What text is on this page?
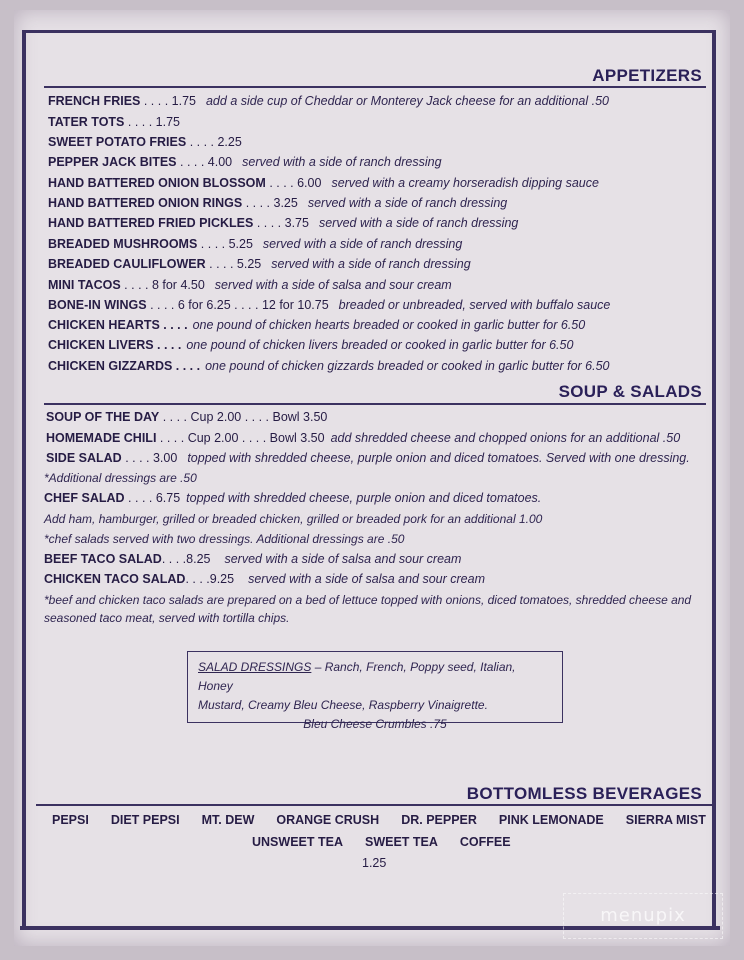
APPETIZERS
FRENCH FRIES . . . . 1.75 add a side cup of Cheddar or Monterey Jack cheese for an additional .50
TATER TOTS . . . . 1.75
SWEET POTATO FRIES . . . . 2.25
PEPPER JACK BITES . . . . 4.00 served with a side of ranch dressing
HAND BATTERED ONION BLOSSOM . . . . 6.00 served with a creamy horseradish dipping sauce
HAND BATTERED ONION RINGS . . . . 3.25 served with a side of ranch dressing
HAND BATTERED FRIED PICKLES . . . . 3.75 served with a side of ranch dressing
BREADED MUSHROOMS . . . . 5.25 served with a side of ranch dressing
BREADED CAULIFLOWER . . . . 5.25 served with a side of ranch dressing
MINI TACOS . . . . 8 for 4.50 served with a side of salsa and sour cream
BONE-IN WINGS . . . . 6 for 6.25 . . . . 12 for 10.75 breaded or unbreaded, served with buffalo sauce
CHICKEN HEARTS . . . . one pound of chicken hearts breaded or cooked in garlic butter for 6.50
CHICKEN LIVERS . . . . one pound of chicken livers breaded or cooked in garlic butter for 6.50
CHICKEN GIZZARDS . . . . one pound of chicken gizzards breaded or cooked in garlic butter for 6.50
SOUP & SALADS
SOUP OF THE DAY . . . . Cup 2.00 . . . . Bowl 3.50
HOMEMADE CHILI . . . . Cup 2.00 . . . . Bowl 3.50 add shredded cheese and chopped onions for an additional .50
SIDE SALAD . . . . 3.00 topped with shredded cheese, purple onion and diced tomatoes. Served with one dressing.
*Additional dressings are .50
CHEF SALAD . . . . 6.75 topped with shredded cheese, purple onion and diced tomatoes.
Add ham, hamburger, grilled or breaded chicken, grilled or breaded pork for an additional 1.00
*chef salads served with two dressings. Additional dressings are .50
BEEF TACO SALAD. . . .8.25 served with a side of salsa and sour cream
CHICKEN TACO SALAD. . . .9.25 served with a side of salsa and sour cream
*beef and chicken taco salads are prepared on a bed of lettuce topped with onions, diced tomatoes, shredded cheese and
seasoned taco meat, served with tortilla chips.
SALAD DRESSINGS – Ranch, French, Poppy seed, Italian, Honey
Mustard, Creamy Bleu Cheese, Raspberry Vinaigrette.

Bleu Cheese Crumbles .75
BOTTOMLESS BEVERAGES
PEPSI DIET PEPSI MT. DEW ORANGE CRUSH DR. PEPPER PINK LEMONADE SIERRA MIST
UNSWEET TEA SWEET TEA COFFEE
1.25
menupix
